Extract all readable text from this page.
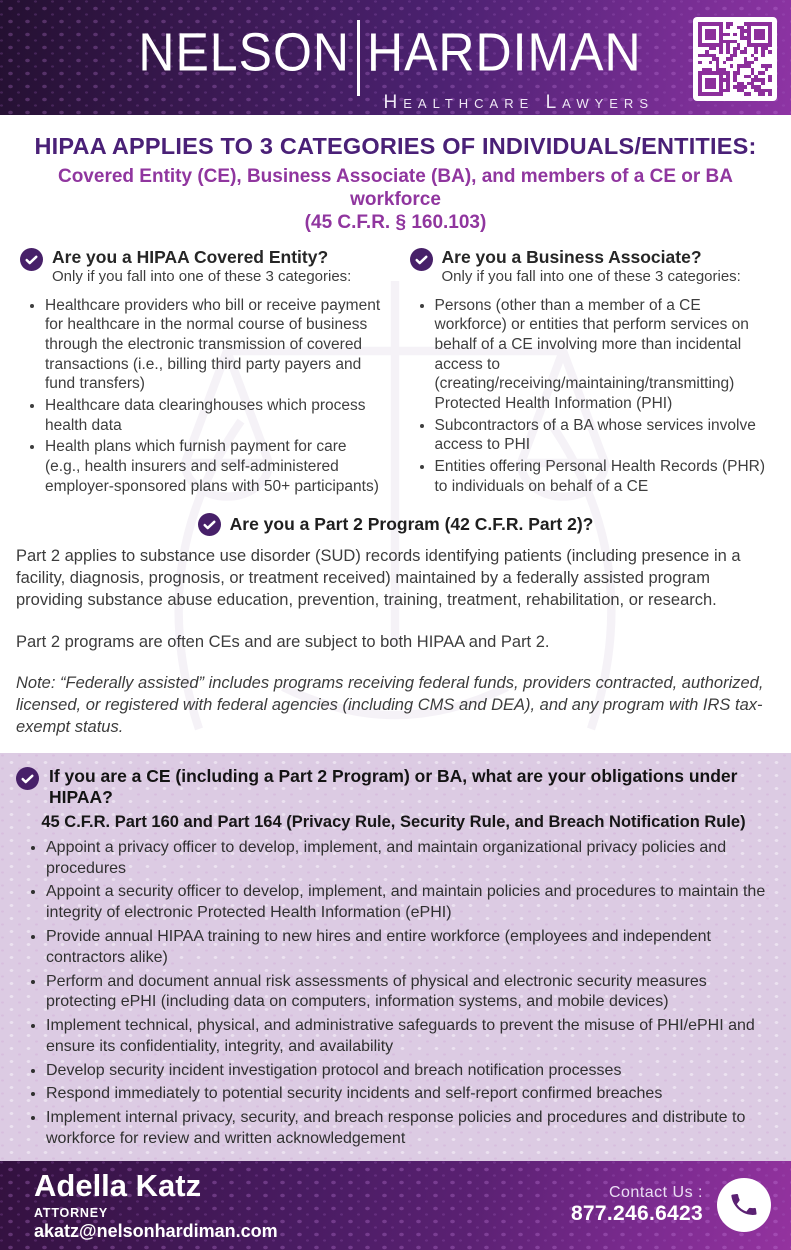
NELSON HARDIMAN
Healthcare Lawyers
HIPAA APPLIES TO 3 CATEGORIES OF INDIVIDUALS/ENTITIES:
Covered Entity (CE), Business Associate (BA), and members of a CE or BA workforce
(45 C.F.R. § 160.103)
Are you a HIPAA Covered Entity?
Only if you fall into one of these 3 categories:
• Healthcare providers who bill or receive payment for healthcare in the normal course of business through the electronic transmission of covered transactions (i.e., billing third party payers and fund transfers)
• Healthcare data clearinghouses which process health data
• Health plans which furnish payment for care (e.g., health insurers and self-administered employer-sponsored plans with 50+ participants)
Are you a Business Associate?
Only if you fall into one of these 3 categories:
• Persons (other than a member of a CE workforce) or entities that perform services on behalf of a CE involving more than incidental access to (creating/receiving/maintaining/transmitting) Protected Health Information (PHI)
• Subcontractors of a BA whose services involve access to PHI
• Entities offering Personal Health Records (PHR) to individuals on behalf of a CE
Are you a Part 2 Program (42 C.F.R. Part 2)?

Part 2 applies to substance use disorder (SUD) records identifying patients (including presence in a facility, diagnosis, prognosis, or treatment received) maintained by a federally assisted program providing substance abuse education, prevention, training, treatment, rehabilitation, or research.

Part 2 programs are often CEs and are subject to both HIPAA and Part 2.

Note: “Federally assisted” includes programs receiving federal funds, providers contracted, authorized, licensed, or registered with federal agencies (including CMS and DEA), and any program with IRS tax-exempt status.

If you are a CE (including a Part 2 Program) or BA, what are your obligations under HIPAA?
45 C.F.R. Part 160 and Part 164 (Privacy Rule, Security Rule, and Breach Notification Rule)
• Appoint a privacy officer to develop, implement, and maintain organizational privacy policies and procedures
• Appoint a security officer to develop, implement, and maintain policies and procedures to maintain the integrity of electronic Protected Health Information (ePHI)
• Provide annual HIPAA training to new hires and entire workforce (employees and independent contractors alike)
• Perform and document annual risk assessments of physical and electronic security measures protecting ePHI (including data on computers, information systems, and mobile devices)
• Implement technical, physical, and administrative safeguards to prevent the misuse of PHI/ePHI and ensure its confidentiality, integrity, and availability
• Develop security incident investigation protocol and breach notification processes
• Respond immediately to potential security incidents and self-report confirmed breaches
• Implement internal privacy, security, and breach response policies and procedures and distribute to workforce for review and written acknowledgement
Adella Katz
ATTORNEY
akatz@nelsonhardiman.com
Contact Us :
877.246.6423
